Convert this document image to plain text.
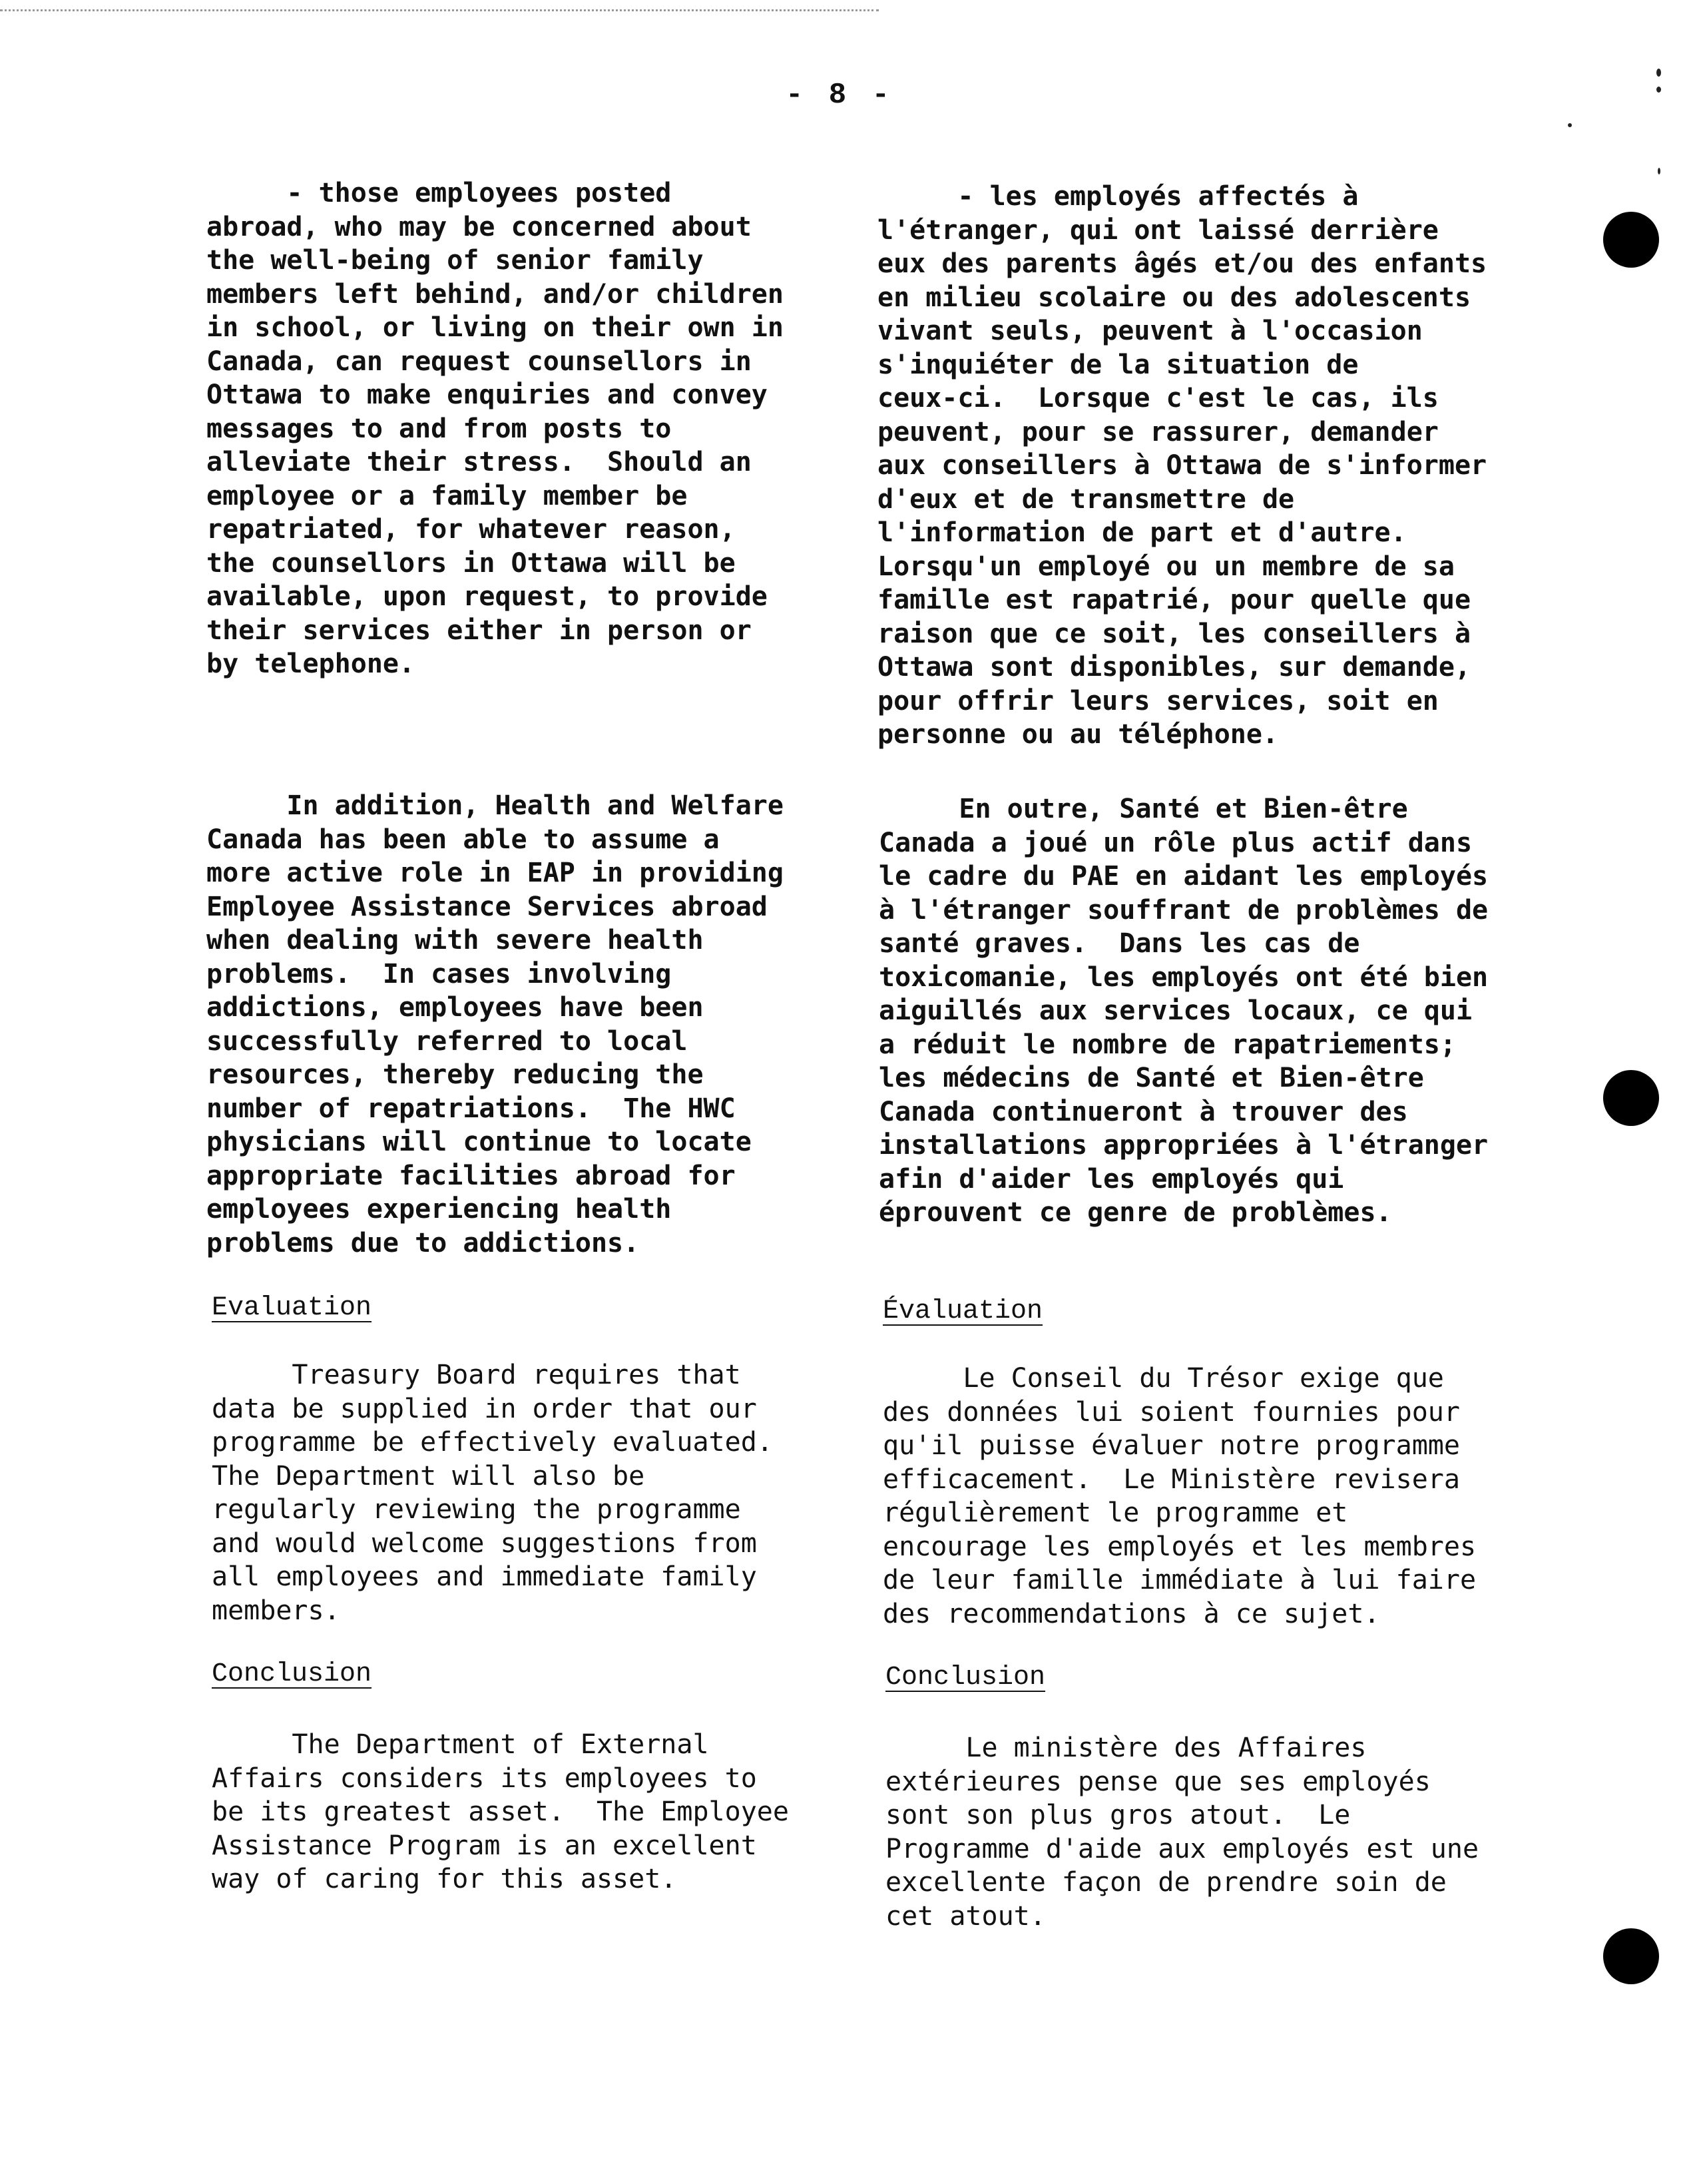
- 8 -
- those employees posted
abroad, who may be concerned about
the well-being of senior family
members left behind, and/or children
in school, or living on their own in
Canada, can request counsellors in
Ottawa to make enquiries and convey
messages to and from posts to
alleviate their stress.  Should an
employee or a family member be
repatriated, for whatever reason,
the counsellors in Ottawa will be
available, upon request, to provide
their services either in person or
by telephone.
In addition, Health and Welfare
Canada has been able to assume a
more active role in EAP in providing
Employee Assistance Services abroad
when dealing with severe health
problems.  In cases involving
addictions, employees have been
successfully referred to local
resources, thereby reducing the
number of repatriations.  The HWC
physicians will continue to locate
appropriate facilities abroad for
employees experiencing health
problems due to addictions.
Evaluation
Treasury Board requires that
data be supplied in order that our
programme be effectively evaluated.
The Department will also be
regularly reviewing the programme
and would welcome suggestions from
all employees and immediate family
members.
Conclusion
The Department of External
Affairs considers its employees to
be its greatest asset.  The Employee
Assistance Program is an excellent
way of caring for this asset.
- les employés affectés à
l'étranger, qui ont laissé derrière
eux des parents âgés et/ou des enfants
en milieu scolaire ou des adolescents
vivant seuls, peuvent à l'occasion
s'inquiéter de la situation de
ceux-ci.  Lorsque c'est le cas, ils
peuvent, pour se rassurer, demander
aux conseillers à Ottawa de s'informer
d'eux et de transmettre de
l'information de part et d'autre.
Lorsqu'un employé ou un membre de sa
famille est rapatrié, pour quelle que
raison que ce soit, les conseillers à
Ottawa sont disponibles, sur demande,
pour offrir leurs services, soit en
personne ou au téléphone.
En outre, Santé et Bien-être
Canada a joué un rôle plus actif dans
le cadre du PAE en aidant les employés
à l'étranger souffrant de problèmes de
santé graves.  Dans les cas de
toxicomanie, les employés ont été bien
aiguillés aux services locaux, ce qui
a réduit le nombre de rapatriements;
les médecins de Santé et Bien-être
Canada continueront à trouver des
installations appropriées à l'étranger
afin d'aider les employés qui
éprouvent ce genre de problèmes.
Évaluation
Le Conseil du Trésor exige que
des données lui soient fournies pour
qu'il puisse évaluer notre programme
efficacement.  Le Ministère revisera
régulièrement le programme et
encourage les employés et les membres
de leur famille immédiate à lui faire
des recommendations à ce sujet.
Conclusion
Le ministère des Affaires
extérieures pense que ses employés
sont son plus gros atout.  Le
Programme d'aide aux employés est une
excellente façon de prendre soin de
cet atout.
